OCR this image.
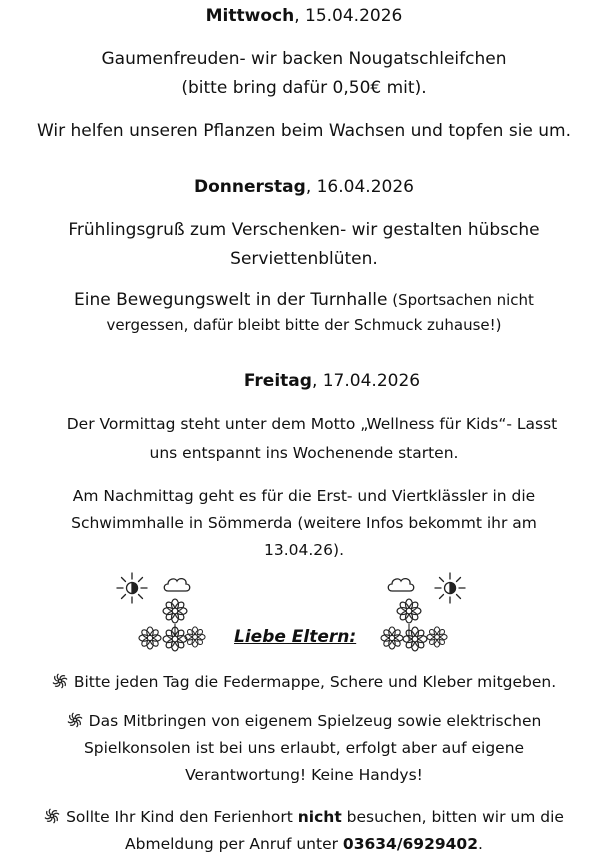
Mittwoch, 15.04.2026
Gaumenfreuden- wir backen Nougatschleifchen
(bitte bring dafür 0,50€ mit).
Wir helfen unseren Pflanzen beim Wachsen und topfen sie um.
Donnerstag, 16.04.2026
Frühlingsgruß zum Verschenken- wir gestalten hübsche
Serviettenblüten.
Eine Bewegungswelt in der Turnhalle (Sportsachen nicht
vergessen, dafür bleibt bitte der Schmuck zuhause!)
Freitag, 17.04.2026
Der Vormittag steht unter dem Motto „Wellness für Kids“- Lasst
uns entspannt ins Wochenende starten.
Am Nachmittag geht es für die Erst- und Viertklässler in die
Schwimmhalle in Sömmerda (weitere Infos bekommt ihr am
13.04.26).
Liebe Eltern:
Bitte jeden Tag die Federmappe, Schere und Kleber mitgeben.
Das Mitbringen von eigenem Spielzeug sowie elektrischen
Spielkonsolen ist bei uns erlaubt, erfolgt aber auf eigene
Verantwortung! Keine Handys!
Sollte Ihr Kind den Ferienhort nicht besuchen, bitten wir um die
Abmeldung per Anruf unter 03634/6929402.
